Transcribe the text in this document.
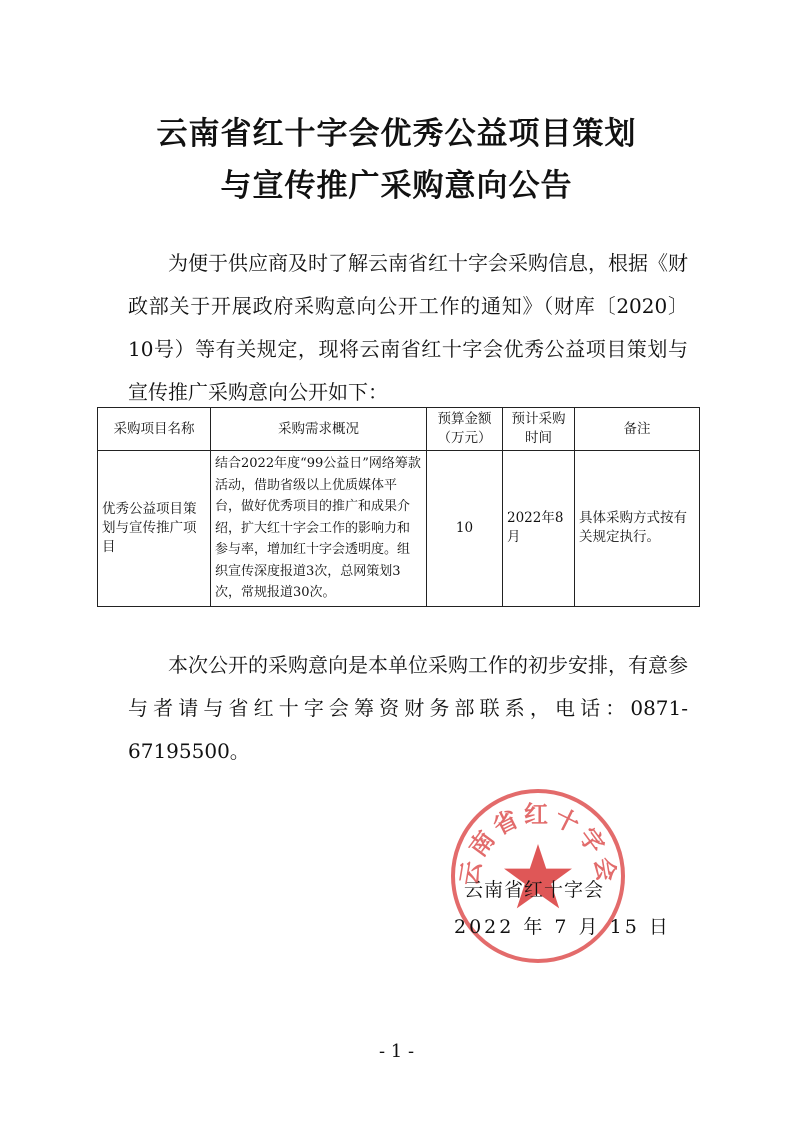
云南省红十字会优秀公益项目策划
与宣传推广采购意向公告

为便于供应商及时了解云南省红十字会采购信息，根据《财政部关于开展政府采购意向公开工作的通知》（财库〔2020〕10号）等有关规定，现将云南省红十字会优秀公益项目策划与宣传推广采购意向公开如下：

采购项目名称	采购需求概况	预算金额（万元）	预计采购时间	备注
优秀公益项目策划与宣传推广项目	结合2022年度“99公益日”网络筹款活动，借助省级以上优质媒体平台，做好优秀项目的推广和成果介绍，扩大红十字会工作的影响力和参与率，增加红十字会透明度。组织宣传深度报道3次，总网策划3次，常规报道30次。	10	2022年8月	具体采购方式按有关规定执行。

本次公开的采购意向是本单位采购工作的初步安排，有意参与者请与省红十字会筹资财务部联系，电话：0871-67195500。

云南省红十字会

云南省红十字会

2022 年 7 月 15 日

- 1 -
